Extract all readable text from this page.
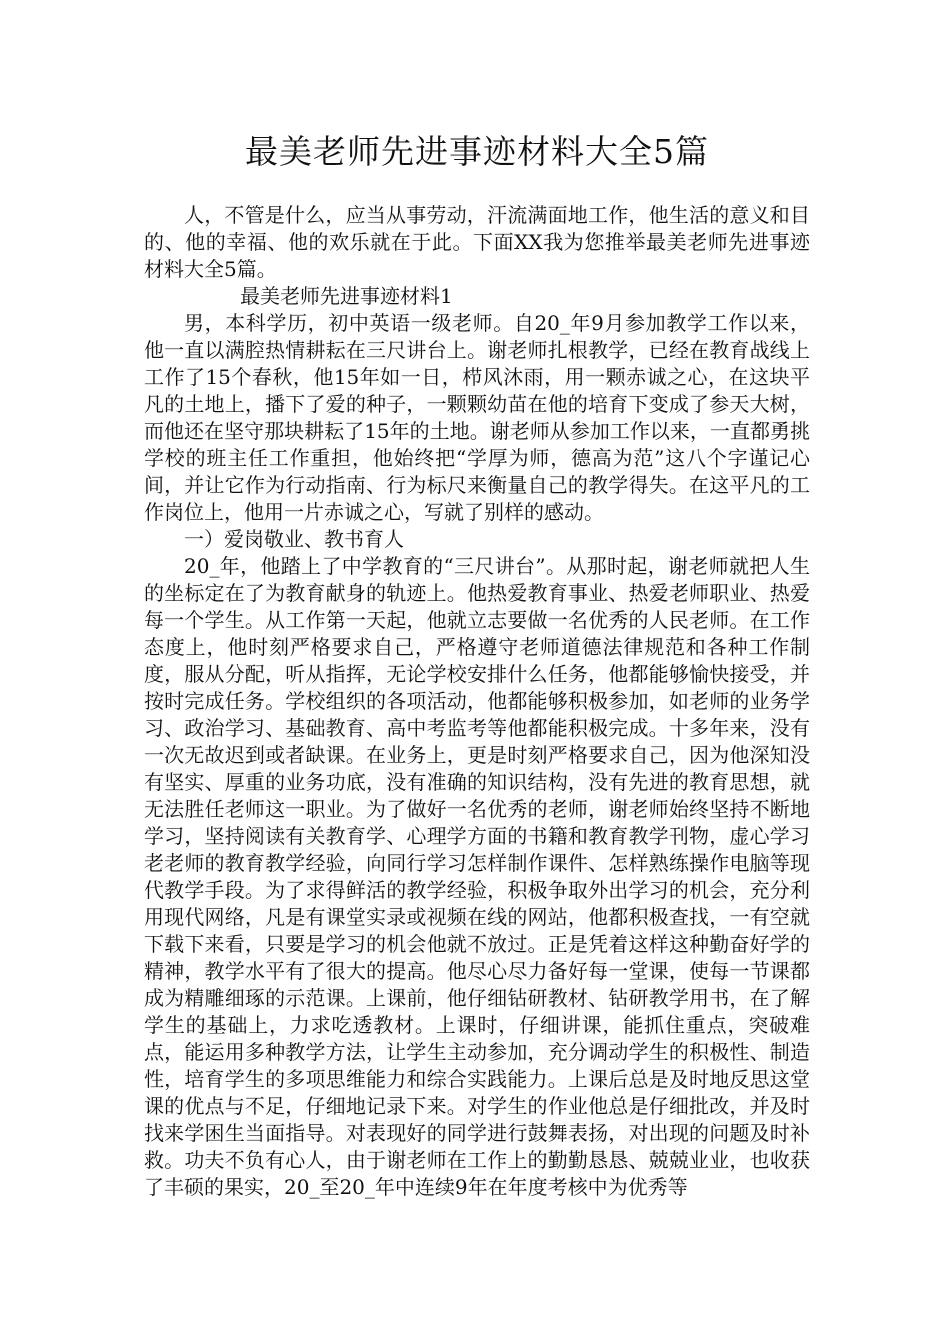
最美老师先进事迹材料大全5篇

人，不管是什么，应当从事劳动，汗流满面地工作，他生活的意义和目的、他的幸福、他的欢乐就在于此。下面XX我为您推举最美老师先进事迹材料大全5篇。

最美老师先进事迹材料1

男，本科学历，初中英语一级老师。自20_年9月参加教学工作以来，他一直以满腔热情耕耘在三尺讲台上。谢老师扎根教学，已经在教育战线上工作了15个春秋，他15年如一日，栉风沐雨，用一颗赤诚之心，在这块平凡的土地上，播下了爱的种子，一颗颗幼苗在他的培育下变成了参天大树，而他还在坚守那块耕耘了15年的土地。谢老师从参加工作以来，一直都勇挑学校的班主任工作重担，他始终把“学厚为师，德高为范”这八个字谨记心间，并让它作为行动指南、行为标尺来衡量自己的教学得失。在这平凡的工作岗位上，他用一片赤诚之心，写就了别样的感动。

一）爱岗敬业、教书育人

20_年，他踏上了中学教育的“三尺讲台”。从那时起，谢老师就把人生的坐标定在了为教育献身的轨迹上。他热爱教育事业、热爱老师职业、热爱每一个学生。从工作第一天起，他就立志要做一名优秀的人民老师。在工作态度上，他时刻严格要求自己，严格遵守老师道德法律规范和各种工作制度，服从分配，听从指挥，无论学校安排什么任务，他都能够愉快接受，并按时完成任务。学校组织的各项活动，他都能够积极参加，如老师的业务学习、政治学习、基础教育、高中考监考等他都能积极完成。十多年来，没有一次无故迟到或者缺课。在业务上，更是时刻严格要求自己，因为他深知没有坚实、厚重的业务功底，没有准确的知识结构，没有先进的教育思想，就无法胜任老师这一职业。为了做好一名优秀的老师，谢老师始终坚持不断地学习，坚持阅读有关教育学、心理学方面的书籍和教育教学刊物，虚心学习老老师的教育教学经验，向同行学习怎样制作课件、怎样熟练操作电脑等现代教学手段。为了求得鲜活的教学经验，积极争取外出学习的机会，充分利用现代网络，凡是有课堂实录或视频在线的网站，他都积极查找，一有空就下载下来看，只要是学习的机会他就不放过。正是凭着这样这种勤奋好学的精神，教学水平有了很大的提高。他尽心尽力备好每一堂课，使每一节课都成为精雕细琢的示范课。上课前，他仔细钻研教材、钻研教学用书，在了解学生的基础上，力求吃透教材。上课时，仔细讲课，能抓住重点，突破难点，能运用多种教学方法，让学生主动参加，充分调动学生的积极性、制造性，培育学生的多项思维能力和综合实践能力。上课后总是及时地反思这堂课的优点与不足，仔细地记录下来。对学生的作业他总是仔细批改，并及时找来学困生当面指导。对表现好的同学进行鼓舞表扬，对出现的问题及时补救。功夫不负有心人，由于谢老师在工作上的勤勤恳恳、兢兢业业，也收获了丰硕的果实，20_至20_年中连续9年在年度考核中为优秀等
